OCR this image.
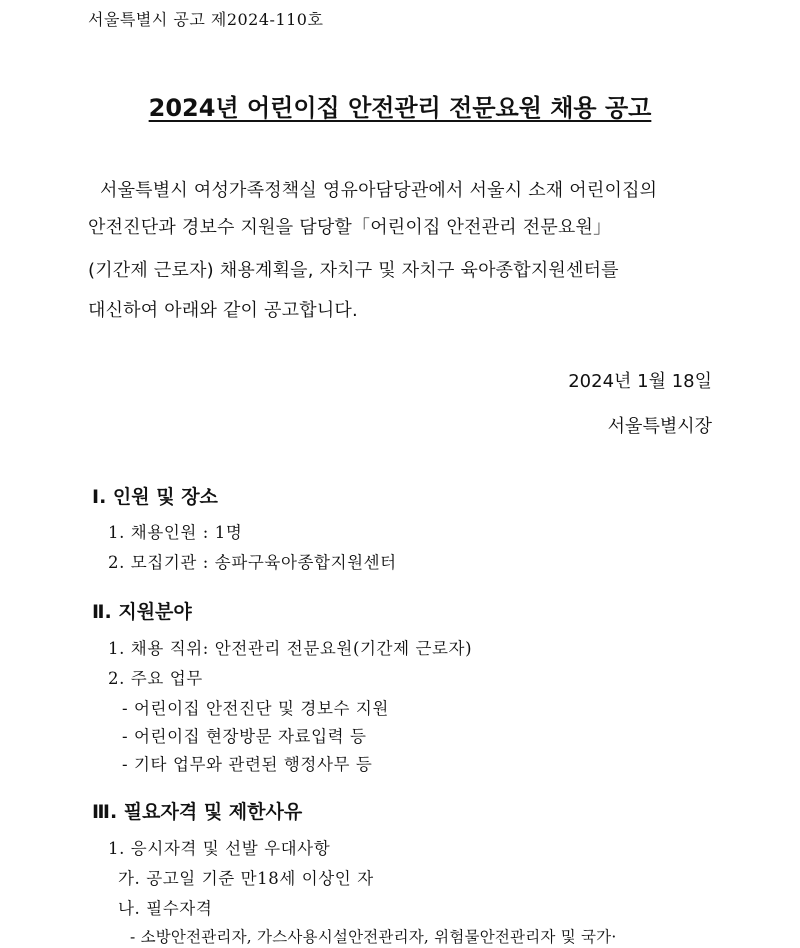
서울특별시 공고 제2024-110호
2024년 어린이집 안전관리 전문요원 채용 공고
서울특별시 여성가족정책실 영유아담당관에서 서울시 소재 어린이집의
안전진단과 경보수 지원을 담당할「어린이집 안전관리 전문요원」
(기간제 근로자) 채용계획을, 자치구 및 자치구 육아종합지원센터를
대신하여 아래와 같이 공고합니다.
2024년 1월 18일
서울특별시장
Ⅰ. 인원 및 장소
1. 채용인원 : 1명
2. 모집기관 : 송파구육아종합지원센터
Ⅱ. 지원분야
1. 채용 직위: 안전관리 전문요원(기간제 근로자)
2. 주요 업무
- 어린이집 안전진단 및 경보수 지원
- 어린이집 현장방문 자료입력 등
- 기타 업무와 관련된 행정사무 등
Ⅲ. 필요자격 및 제한사유
1. 응시자격 및 선발 우대사항
가. 공고일 기준 만18세 이상인 자
나. 필수자격
- 소방안전관리자, 가스사용시설안전관리자, 위험물안전관리자 및 국가·
